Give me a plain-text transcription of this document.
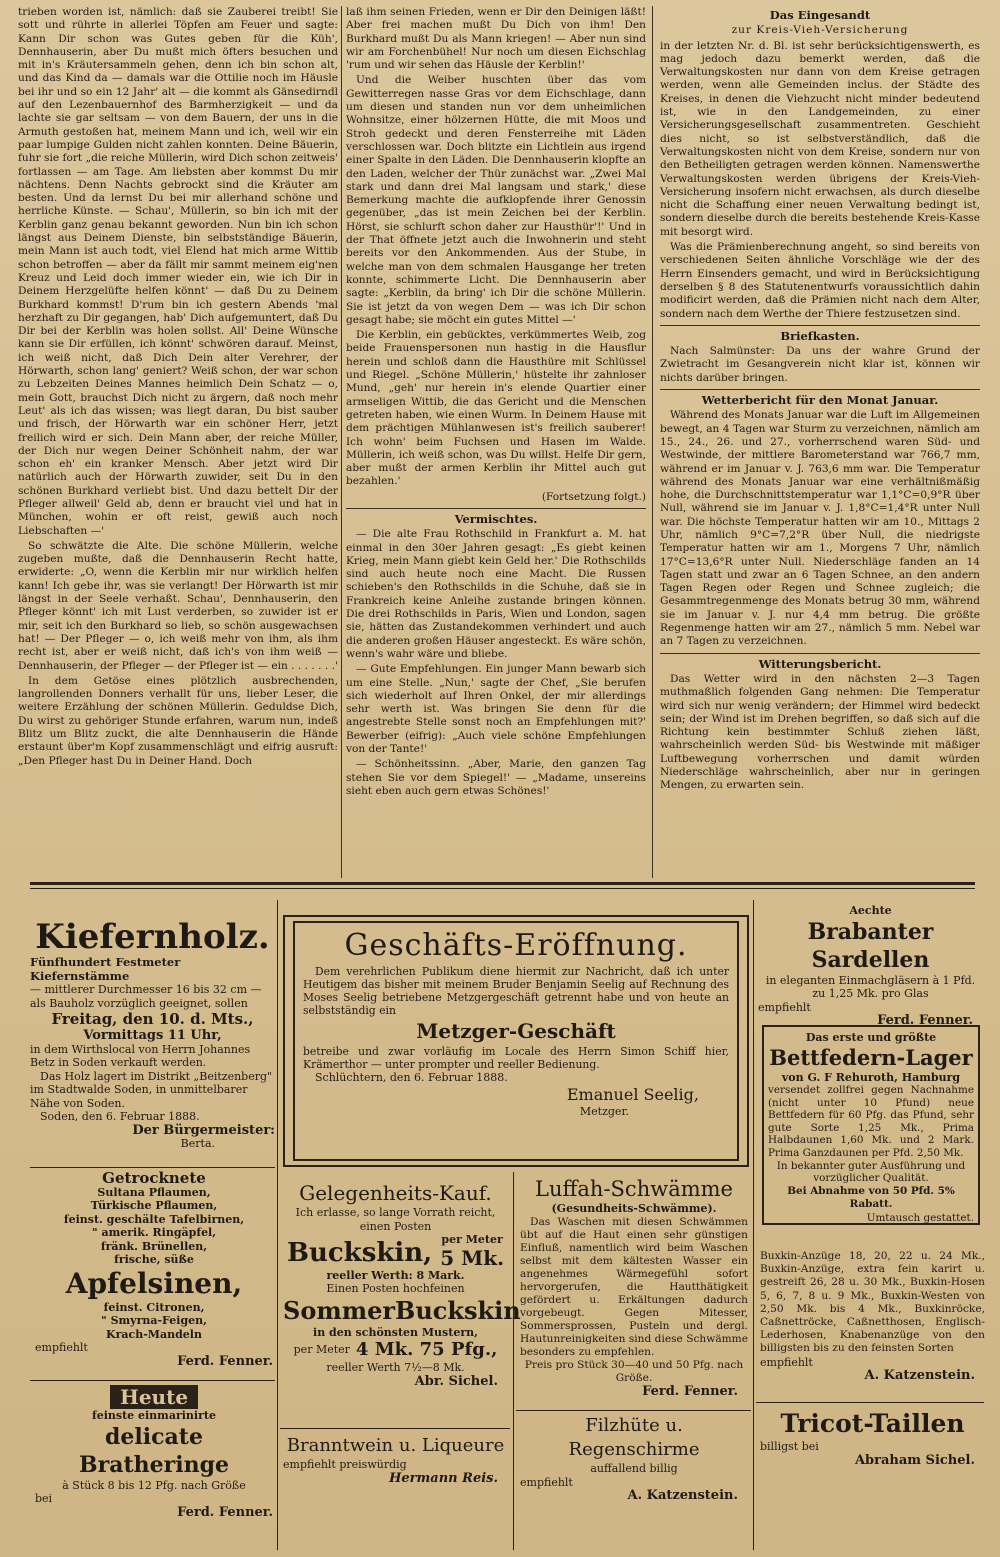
trieben worden ist, nämlich: daß sie Zauberei treibt! Sie sott und rührte in allerlei Töpfen am Feuer und sagte: Kann Dir schon was Gutes geben für die Küh', Dennhauserin, aber Du mußt mich öfters besuchen und mit in's Kräutersammeln gehen, denn ich bin schon alt, und das Kind da — damals war die Ottilie noch im Häusle bei ihr und so ein 12 Jahr' alt — die kommt als Gänsedirndl auf den Lezenbauernhof des Barmherzigkeit — und da lachte sie gar seltsam — von dem Bauern, der uns in die Armuth gestoßen hat, meinem Mann und ich, weil wir ein paar lumpige Gulden nicht zahlen konnten. Deine Bäuerin, fuhr sie fort „die reiche Müllerin, wird Dich schon zeitweis' fortlassen — am Tage. Am liebsten aber kommst Du mir nächtens. Denn Nachts gebrockt sind die Kräuter am besten. Und da lernst Du bei mir allerhand schöne und herrliche Künste. — Schau', Müllerin, so bin ich mit der Kerblin ganz genau bekannt geworden. Nun bin ich schon längst aus Deinem Dienste, bin selbstständige Bäuerin, mein Mann ist auch todt, viel Elend hat mich arme Wittib schon betroffen — aber da fällt mir sammt meinem eig'nen Kreuz und Leid doch immer wieder ein, wie ich Dir in Deinem Herzgelüfte helfen könnt' — daß Du zu Deinem Burkhard kommst! D'rum bin ich gestern Abends 'mal herzhaft zu Dir gegangen, hab' Dich aufgemuntert, daß Du Dir bei der Kerblin was holen sollst. All' Deine Wünsche kann sie Dir erfüllen, ich könnt' schwören darauf. Meinst, ich weiß nicht, daß Dich Dein alter Verehrer, der Hörwarth, schon lang' geniert? Weiß schon, der war schon zu Lebzeiten Deines Mannes heimlich Dein Schatz — o, mein Gott, brauchst Dich nicht zu ärgern, daß noch mehr Leut' als ich das wissen; was liegt daran, Du bist sauber und frisch, der Hörwarth war ein schöner Herr, jetzt freilich wird er sich. Dein Mann aber, der reiche Müller, der Dich nur wegen Deiner Schönheit nahm, der war schon eh' ein kranker Mensch. Aber jetzt wird Dir natürlich auch der Hörwarth zuwider, seit Du in den schönen Burkhard verliebt bist. Und dazu bettelt Dir der Pfleger allweil' Geld ab, denn er braucht viel und hat in München, wohin er oft reist, gewiß auch noch Liebschaften —'

So schwätzte die Alte. Die schöne Müllerin, welche zugeben mußte, daß die Dennhauserin Recht hatte, erwiderte: „O, wenn die Kerblin mir nur wirklich helfen kann! Ich gebe ihr, was sie verlangt! Der Hörwarth ist mir längst in der Seele verhaßt. Schau', Dennhauserin, den Pfleger könnt' ich mit Lust verderben, so zuwider ist er mir, seit ich den Burkhard so lieb, so schön ausgewachsen hat! — Der Pfleger — o, ich weiß mehr von ihm, als ihm recht ist, aber er weiß nicht, daß ich's von ihm weiß — Dennhauserin, der Pfleger — der Pfleger ist — ein . . . . . . .'

In dem Getöse eines plötzlich ausbrechenden, langrollenden Donners verhallt für uns, lieber Leser, die weitere Erzählung der schönen Müllerin. Geduldse Dich, Du wirst zu gehöriger Stunde erfahren, warum nun, indeß Blitz um Blitz zuckt, die alte Dennhauserin die Hände erstaunt über'm Kopf zusammenschlägt und eifrig ausruft: „Den Pfleger hast Du in Deiner Hand. Doch

laß ihm seinen Frieden, wenn er Dir den Deinigen läßt! Aber frei machen mußt Du Dich von ihm! Den Burkhard mußt Du als Mann kriegen! — Aber nun sind wir am Forchenbühel! Nur noch um diesen Eichschlag 'rum und wir sehen das Häusle der Kerblin!'

Und die Weiber huschten über das vom Gewitterregen nasse Gras vor dem Eichschlage, dann um diesen und standen nun vor dem unheimlichen Wohnsitze, einer hölzernen Hütte, die mit Moos und Stroh gedeckt und deren Fensterreihe mit Läden verschlossen war. Doch blitzte ein Lichtlein aus irgend einer Spalte in den Läden. Die Dennhauserin klopfte an den Laden, welcher der Thür zunächst war. „Zwei Mal stark und dann drei Mal langsam und stark,' diese Bemerkung machte die aufklopfende ihrer Genossin gegenüber, „das ist mein Zeichen bei der Kerblin. Hörst, sie schlurft schon daher zur Hausthür'!' Und in der That öffnete jetzt auch die Inwohnerin und steht bereits vor den Ankommenden. Aus der Stube, in welche man von dem schmalen Hausgange her treten konnte, schimmerte Licht. Die Dennhauserin aber sagte: „Kerblin, da bring' ich Dir die schöne Müllerin. Sie ist jetzt da von wegen Dem — was ich Dir schon gesagt habe; sie möcht ein gutes Mittel —'

Die Kerblin, ein gebücktes, verkümmertes Weib, zog beide Frauenspersonen nun hastig in die Hausflur herein und schloß dann die Hausthüre mit Schlüssel und Riegel. „Schöne Müllerin,' hüstelte ihr zahnloser Mund, „geh' nur herein in's elende Quartier einer armseligen Wittib, die das Gericht und die Menschen getreten haben, wie einen Wurm. In Deinem Hause mit dem prächtigen Mühlanwesen ist's freilich sauberer! Ich wohn' beim Fuchsen und Hasen im Walde. Müllerin, ich weiß schon, was Du willst. Helfe Dir gern, aber mußt der armen Kerblin ihr Mittel auch gut bezahlen.'

(Fortsetzung folgt.)
Vermischtes.

— Die alte Frau Rothschild in Frankfurt a. M. hat einmal in den 30er Jahren gesagt: „Es giebt keinen Krieg, mein Mann giebt kein Geld her.' Die Rothschilds sind auch heute noch eine Macht. Die Russen schieben's den Rothschilds in die Schuhe, daß sie in Frankreich keine Anleihe zustande bringen können. Die drei Rothschilds in Paris, Wien und London, sagen sie, hätten das Zustandekommen verhindert und auch die anderen großen Häuser angesteckt. Es wäre schön, wenn's wahr wäre und bliebe.

— Gute Empfehlungen. Ein junger Mann bewarb sich um eine Stelle. „Nun,' sagte der Chef, „Sie berufen sich wiederholt auf Ihren Onkel, der mir allerdings sehr werth ist. Was bringen Sie denn für die angestrebte Stelle sonst noch an Empfehlungen mit?' Bewerber (eifrig): „Auch viele schöne Empfehlungen von der Tante!'

— Schönheitssinn. „Aber, Marie, den ganzen Tag stehen Sie vor dem Spiegel!' — „Madame, unsereins sieht eben auch gern etwas Schönes!'

Das Eingesandt
zur Kreis-Vieh-Versicherung

in der letzten Nr. d. Bl. ist sehr berücksichtigenswerth, es mag jedoch dazu bemerkt werden, daß die Verwaltungskosten nur dann von dem Kreise getragen werden, wenn alle Gemeinden inclus. der Städte des Kreises, in denen die Viehzucht nicht minder bedeutend ist, wie in den Landgemeinden, zu einer Versicherungsgesellschaft zusammentreten. Geschieht dies nicht, so ist selbstverständlich, daß die Verwaltungskosten nicht von dem Kreise, sondern nur von den Betheiligten getragen werden können. Namenswerthe Verwaltungskosten werden übrigens der Kreis-Vieh-Versicherung insofern nicht erwachsen, als durch dieselbe nicht die Schaffung einer neuen Verwaltung bedingt ist, sondern dieselbe durch die bereits bestehende Kreis-Kasse mit besorgt wird.

Was die Prämienberechnung angeht, so sind bereits von verschiedenen Seiten ähnliche Vorschläge wie der des Herrn Einsenders gemacht, und wird in Berücksichtigung derselben § 8 des Statutenentwurfs voraussichtlich dahin modificirt werden, daß die Prämien nicht nach dem Alter, sondern nach dem Werthe der Thiere festzusetzen sind.

Briefkasten.

Nach Salmünster: Da uns der wahre Grund der Zwietracht im Gesangverein nicht klar ist, können wir nichts darüber bringen.

Wetterbericht für den Monat Januar.

Während des Monats Januar war die Luft im Allgemeinen bewegt, an 4 Tagen war Sturm zu verzeichnen, nämlich am 15., 24., 26. und 27., vorherrschend waren Süd- und Westwinde, der mittlere Barometerstand war 766,7 mm, während er im Januar v. J. 763,6 mm war. Die Temperatur während des Monats Januar war eine verhältnißmäßig hohe, die Durchschnittstemperatur war 1,1°C=0,9°R über Null, während sie im Januar v. J. 1,8°C=1,4°R unter Null war. Die höchste Temperatur hatten wir am 10., Mittags 2 Uhr, nämlich 9°C=7,2°R über Null, die niedrigste Temperatur hatten wir am 1., Morgens 7 Uhr, nämlich 17°C=13,6°R unter Null. Niederschläge fanden an 14 Tagen statt und zwar an 6 Tagen Schnee, an den andern Tagen Regen oder Regen und Schnee zugleich; die Gesammtregenmenge des Monats betrug 30 mm, während sie im Januar v. J. nur 4,4 mm betrug. Die größte Regenmenge hatten wir am 27., nämlich 5 mm. Nebel war an 7 Tagen zu verzeichnen.

Witterungsbericht.

Das Wetter wird in den nächsten 2—3 Tagen muthmaßlich folgenden Gang nehmen: Die Temperatur wird sich nur wenig verändern; der Himmel wird bedeckt sein; der Wind ist im Drehen begriffen, so daß sich auf die Richtung kein bestimmter Schluß ziehen läßt, wahrscheinlich werden Süd- bis Westwinde mit mäßiger Luftbewegung vorherrschen und damit würden Niederschläge wahrscheinlich, aber nur in geringen Mengen, zu erwarten sein.

Kiefernholz.
Fünfhundert Festmeter Kiefernstämme
— mittlerer Durchmesser 16 bis 32 cm — als Bauholz vorzüglich geeignet, sollen
Freitag, den 10. d. Mts.,
Vormittags 11 Uhr,
in dem Wirthslocal von Herrn Johannes Betz in Soden verkauft werden.
Das Holz lagert im Distrikt „Beitzenberg" im Stadtwalde Soden, in unmittelbarer Nähe von Soden.
Soden, den 6. Februar 1888.
Der Bürgermeister:
Berta.
Geschäfts-Eröffnung.
Dem verehrlichen Publikum diene hiermit zur Nachricht, daß ich unter Heutigem das bisher mit meinem Bruder Benjamin Seelig auf Rechnung des Moses Seelig betriebene Metzgergeschäft getrennt habe und von heute an selbstständig ein
Metzger-Geschäft
betreibe und zwar vorläufig im Locale des Herrn Simon Schiff hier, Krämerthor — unter prompter und reeller Bedienung.
Schlüchtern, den 6. Februar 1888.
Emanuel Seelig,
Metzger.
Aechte
Brabanter Sardellen
in eleganten Einmachgläsern à 1 Pfd. zu 1,25 Mk. pro Glas
empfiehlt
Ferd. Fenner.
Das erste und größte
Bettfedern-Lager
von G. F Rehuroth, Hamburg
versendet zollfrei gegen Nachnahme (nicht unter 10 Pfund) neue Bettfedern für 60 Pfg. das Pfund, sehr gute Sorte 1,25 Mk., Prima Halbdaunen 1,60 Mk. und 2 Mark. Prima Ganzdaunen per Pfd. 2,50 Mk.
In bekannter guter Ausführung und vorzüglicher Qualität.
Bei Abnahme von 50 Pfd. 5% Rabatt.
Umtausch gestattet.
Getrocknete
Sultana Pflaumen,
Türkische Pflaumen,
feinst. geschälte Tafelbirnen,
" amerik. Ringäpfel,
fränk. Brünellen,
frische, süße
Apfelsinen,
feinst. Citronen,
" Smyrna-Feigen,
Krach-Mandeln
empfiehlt
Ferd. Fenner.
Heute
feinste einmarinirte
delicate Bratheringe
à Stück 8 bis 12 Pfg. nach Größe
bei
Ferd. Fenner.
Gelegenheits-Kauf.
Ich erlasse, so lange Vorrath reicht, einen Posten
Buckskin, per Meter
5 Mk.
reeller Werth: 8 Mark.
Einen Posten hochfeinen
SommerBuckskin
in den schönsten Mustern,
per Meter 4 Mk. 75 Pfg.,
reeller Werth 7½—8 Mk.
Abr. Sichel.
Branntwein u. Liqueure
empfiehlt preiswürdig
Hermann Reis.
Luffah-Schwämme
(Gesundheits-Schwämme).
Das Waschen mit diesen Schwämmen übt auf die Haut einen sehr günstigen Einfluß, namentlich wird beim Waschen selbst mit dem kältesten Wasser ein angenehmes Wärmegefühl sofort hervorgerufen, die Hautthätigkeit gefördert u. Erkältungen dadurch vorgebeugt. Gegen Mitesser, Sommersprossen, Pusteln und dergl. Hautunreinigkeiten sind diese Schwämme besonders zu empfehlen.
Preis pro Stück 30—40 und 50 Pfg. nach Größe.
Ferd. Fenner.
Filzhüte u. Regenschirme
auffallend billig
empfiehlt
A. Katzenstein.
Buxkin-Anzüge 18, 20, 22 u. 24 Mk., Buxkin-Anzüge, extra fein karirt u. gestreift 26, 28 u. 30 Mk., Buxkin-Hosen 5, 6, 7, 8 u. 9 Mk., Buxkin-Westen von 2,50 Mk. bis 4 Mk., Buxkinröcke, Caßnettröcke, Caßnetthosen, Englisch-Lederhosen, Knabenanzüge von den billigsten bis zu den feinsten Sorten
empfiehlt
A. Katzenstein.
Tricot-Taillen
billigst bei
Abraham Sichel.
